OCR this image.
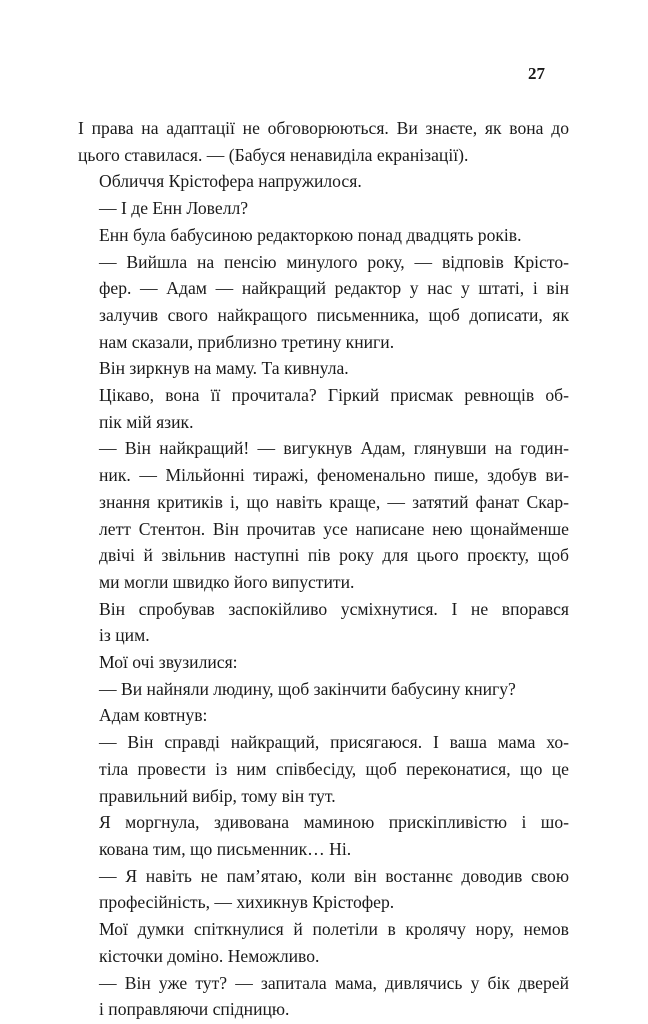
27

І права на адаптації не обговорюються. Ви знаєте, як вона до
цього ставилася. — (Бабуся ненавиділа екранізації).

Обличчя Крістофера напружилося.

— І де Енн Ловелл?

Енн була бабусиною редакторкою понад двадцять років.

— Вийшла на пенсію минулого року, — відповів Крісто-
фер. — Адам — найкращий редактор у нас у штаті, і він
залучив свого найкращого письменника, щоб дописати, як
нам сказали, приблизно третину книги.

Він зиркнув на маму. Та кивнула.

Цікаво, вона її прочитала? Гіркий присмак ревнощів об-
пік мій язик.

— Він найкращий! — вигукнув Адам, глянувши на годин-
ник. — Мільйонні тиражі, феноменально пише, здобув ви-
знання критиків і, що навіть краще, — затятий фанат Скар-
летт Стентон. Він прочитав усе написане нею щонайменше
двічі й звільнив наступні пів року для цього проєкту, щоб
ми могли швидко його випустити.

Він спробував заспокійливо усміхнутися. І не впорався
із цим.

Мої очі звузилися:

— Ви найняли людину, щоб закінчити бабусину книгу?

Адам ковтнув:

— Він справді найкращий, присягаюся. І ваша мама хо-
тіла провести із ним співбесіду, щоб переконатися, що це
правильний вибір, тому він тут.

Я моргнула, здивована маминою прискіпливістю і шо-
кована тим, що письменник… Ні.

— Я навіть не пам’ятаю, коли він востаннє доводив свою
професійність, — хихикнув Крістофер.

Мої думки спіткнулися й полетіли в кролячу нору, немов
кісточки доміно. Неможливо.

— Він уже тут? — запитала мама, дивлячись у бік дверей
і поправляючи спідницю.
